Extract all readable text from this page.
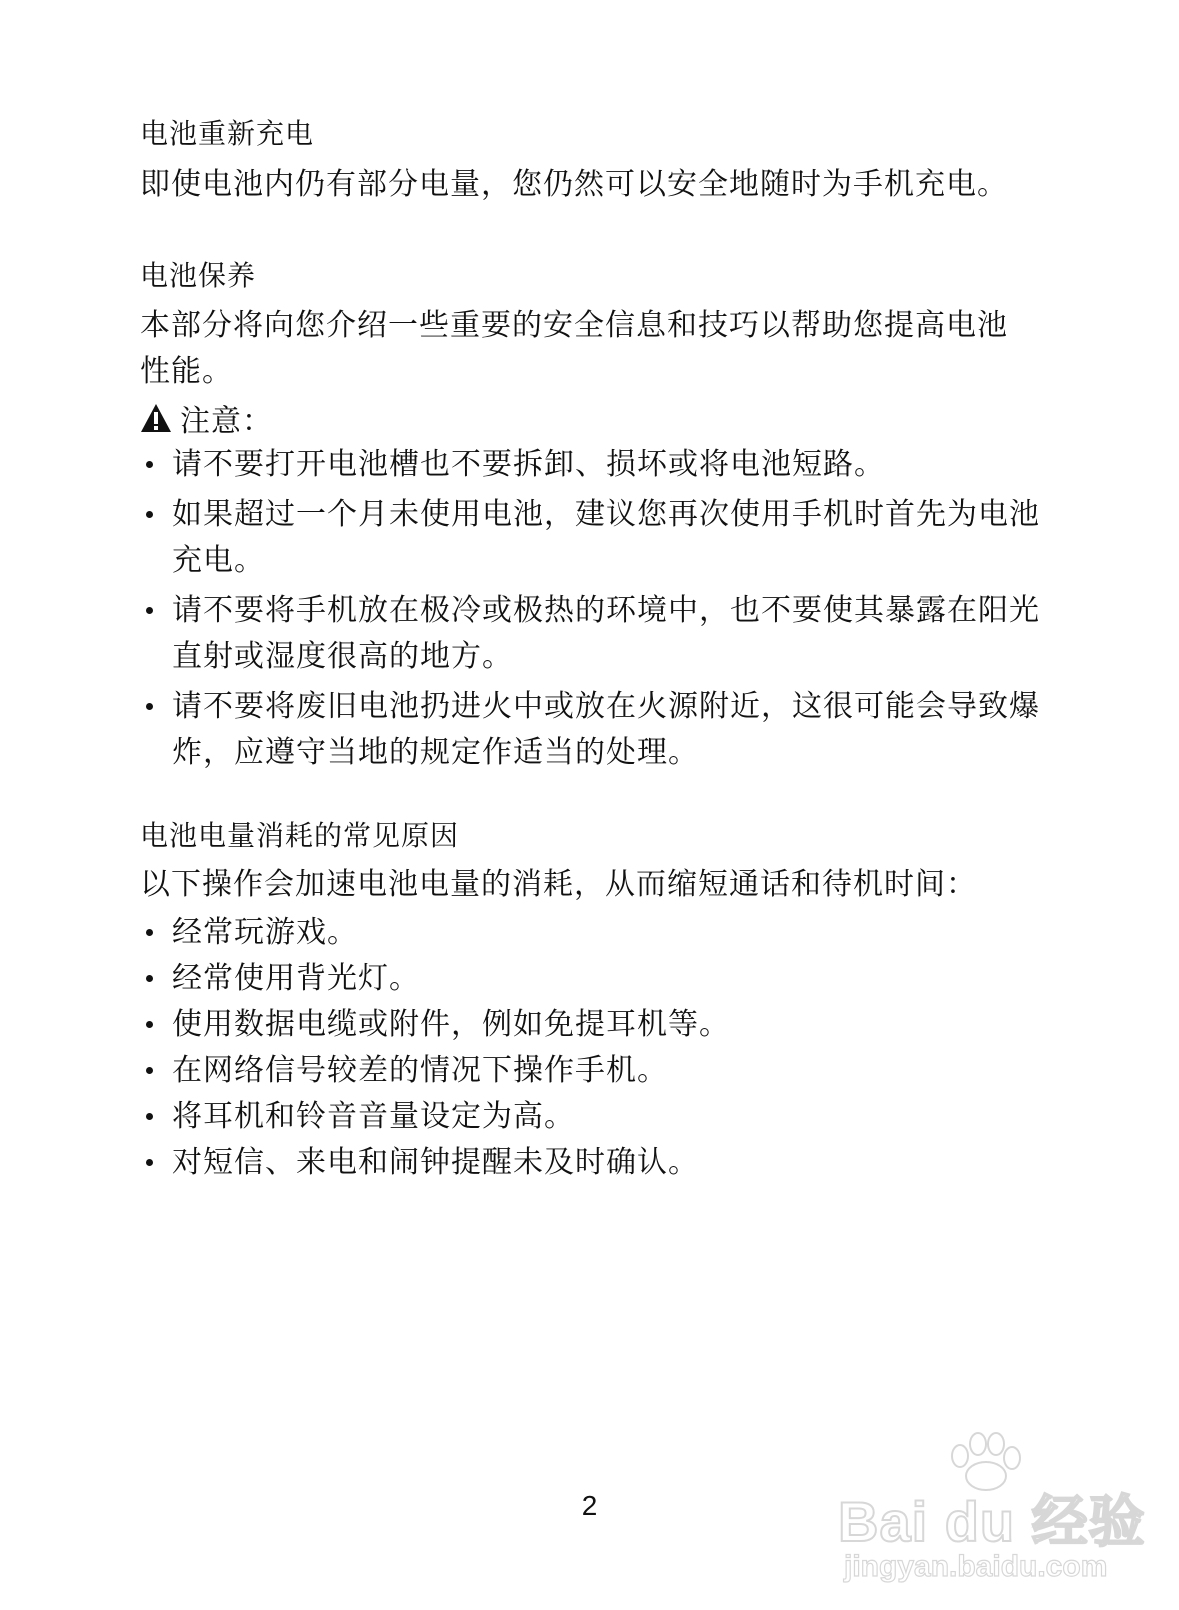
电池重新充电
即使电池内仍有部分电量，您仍然可以安全地随时为手机充电。
电池保养
本部分将向您介绍一些重要的安全信息和技巧以帮助您提高电池性能。
注意：
请不要打开电池槽也不要拆卸、损坏或将电池短路。
如果超过一个月未使用电池，建议您再次使用手机时首先为电池充电。
请不要将手机放在极冷或极热的环境中，也不要使其暴露在阳光直射或湿度很高的地方。
请不要将废旧电池扔进火中或放在火源附近，这很可能会导致爆炸，应遵守当地的规定作适当的处理。
电池电量消耗的常见原因
以下操作会加速电池电量的消耗，从而缩短通话和待机时间：
经常玩游戏。
经常使用背光灯。
使用数据电缆或附件，例如免提耳机等。
在网络信号较差的情况下操作手机。
将耳机和铃音音量设定为高。
对短信、来电和闹钟提醒未及时确认。
2	Bai du 经验
jingyan.baidu.com
